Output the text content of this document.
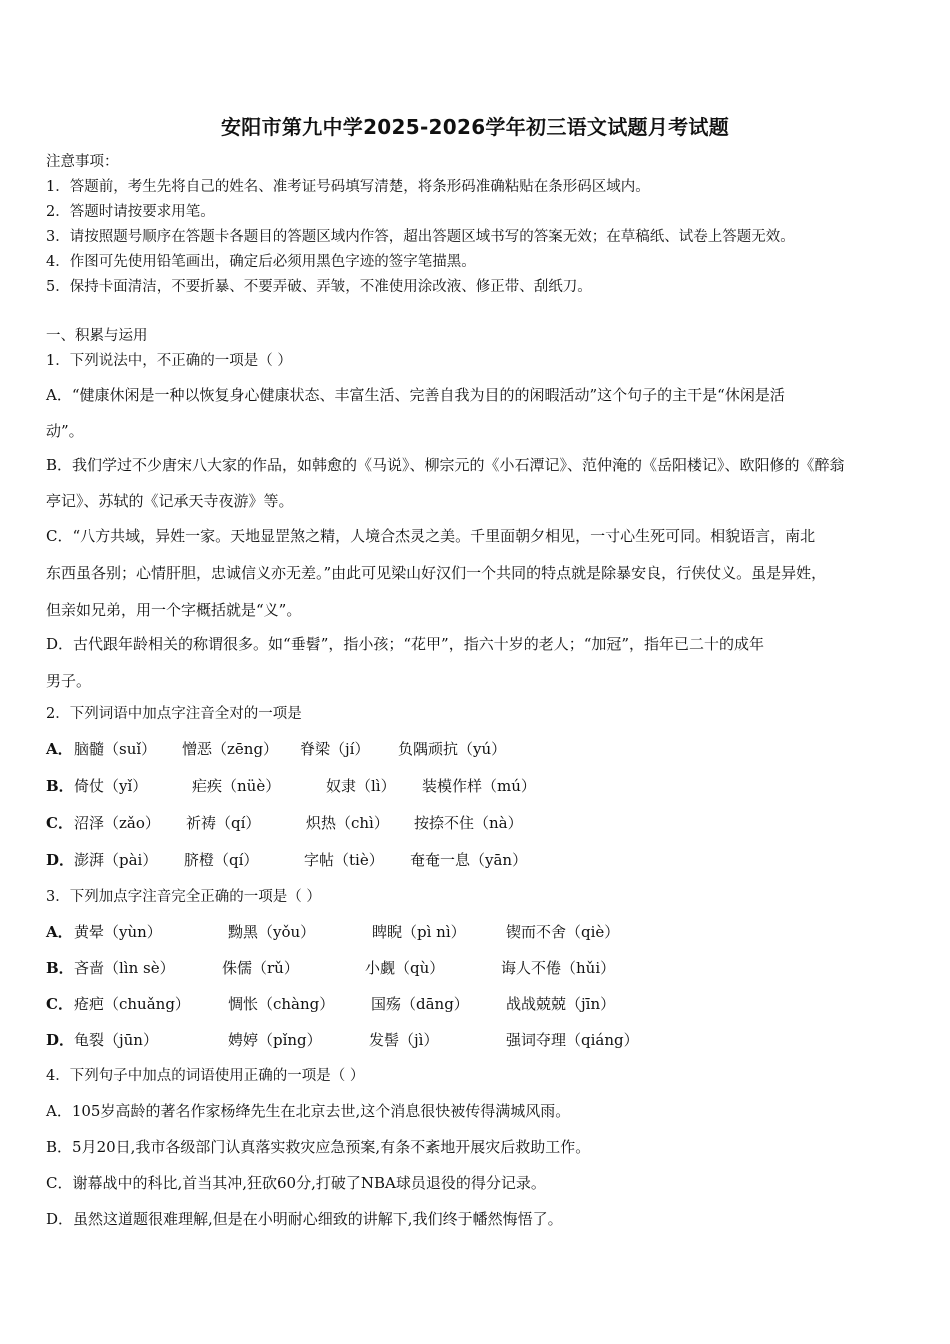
安阳市第九中学2025-2026学年初三语文试题月考试题
注意事项：
1．答题前，考生先将自己的姓名、准考证号码填写清楚，将条形码准确粘贴在条形码区域内。
2．答题时请按要求用笔。
3．请按照题号顺序在答题卡各题目的答题区域内作答，超出答题区域书写的答案无效；在草稿纸、试卷上答题无效。
4．作图可先使用铅笔画出，确定后必须用黑色字迹的签字笔描黑。
5．保持卡面清洁，不要折暴、不要弄破、弄皱，不准使用涂改液、修正带、刮纸刀。
一、积累与运用
1．下列说法中，不正确的一项是（ ）
A．“健康休闲是一种以恢复身心健康状态、丰富生活、完善自我为目的的闲暇活动”这个句子的主干是“休闲是活
动”。
B．我们学过不少唐宋八大家的作品，如韩愈的《马说》、柳宗元的《小石潭记》、范仲淹的《岳阳楼记》、欧阳修的《醉翁
亭记》、苏轼的《记承天寺夜游》等。
C．“八方共域，异姓一家。天地显罡煞之精，人境合杰灵之美。千里面朝夕相见，一寸心生死可同。相貌语言，南北
东西虽各别；心情肝胆，忠诚信义亦无差。”由此可见梁山好汉们一个共同的特点就是除暴安良，行侠仗义。虽是异姓，
但亲如兄弟，用一个字概括就是“义”。
D．古代跟年龄相关的称谓很多。如“垂髫”，指小孩；“花甲”，指六十岁的老人；“加冠”，指年已二十的成年
男子。
2．下列词语中加点字注音全对的一项是
A．脑髓（suǐ） 憎恶（zēng） 脊梁（jí） 负隅顽抗（yú）
B．倚仗（yǐ）	疟疾（nüè）	奴隶（lì） 装模作样（mú）
C．沼泽（zǎo） 祈祷（qí）	炽热（chì） 按捺不住（nà）
D．澎湃（pài） 脐橙（qí）	字帖（tiè） 奄奄一息（yān）
3．下列加点字注音完全正确的一项是（ ）
A．黄晕（yùn）	黝黑（yǒu）	睥睨（pì nì）	锲而不舍（qiè）
B．吝啬（lìn sè）	侏儒（rǔ）	小觑（qù）	诲人不倦（hǔi）
C．疮疤（chuǎng）	惆怅（chàng） 国殇（dāng） 战战兢兢（jīn）
D．龟裂（jūn）	娉婷（pǐng）	发髻（jì）	强词夺理（qiáng）
4．下列句子中加点的词语使用正确的一项是（ ）
A．105岁高龄的著名作家杨绛先生在北京去世,这个消息很快被传得满城风雨。
B．5月20日,我市各级部门认真落实救灾应急预案,有条不紊地开展灾后救助工作。
C．谢幕战中的科比,首当其冲,狂砍60分,打破了NBA球员退役的得分记录。
D．虽然这道题很难理解,但是在小明耐心细致的讲解下,我们终于幡然悔悟了。
